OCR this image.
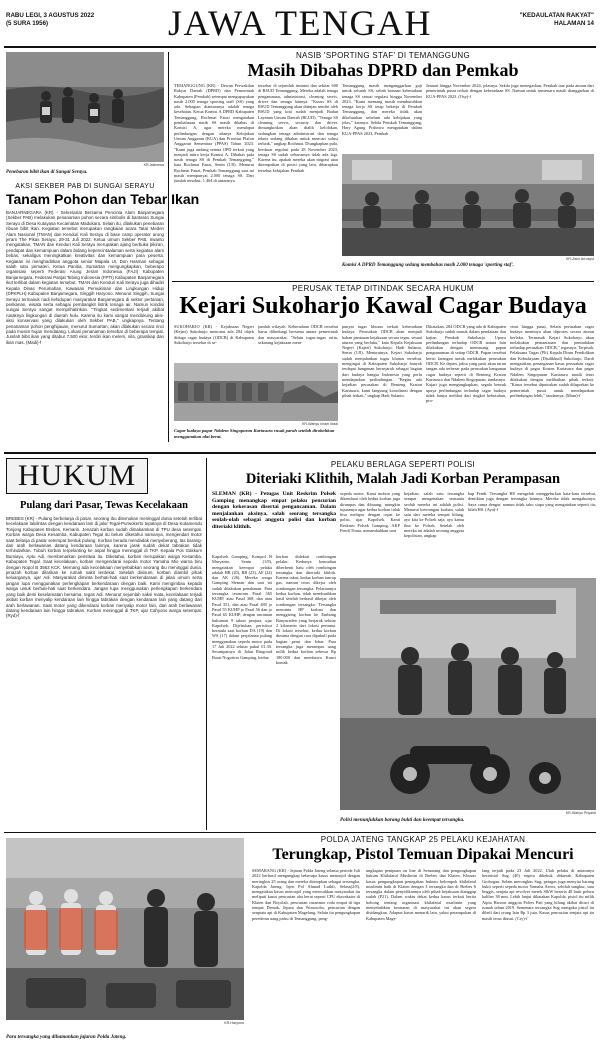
RABU LEGI, 3 AGUSTUS 2022
(5 SURA 1956)	JAWA TENGAH	"KEDAULATAN RAKYAT"
HALAMAN 14
KR-Istimewa
Penebaran bibit ikan di Sungai Serayu.
AKSI SEKBER PAB DI SUNGAI SERAYU
Tanam Pohon dan Tebar Ikan
BANJARNEGARA (KR) - Sekretariat Bersama Pencinta Alam Banjarnegara (Sekber PAB) melakukan penanaman pohon secara simbolis di bantaran Sungai Serayu di Desa Kutayasa Kecamatan Madukara. Selain itu, dilakukan penebaran ribuan bibit ikan. Kegiatan tersebut merupakan rangkaian acara Tatar Meden Alam Nasional (TMAN) dan Kenduri Kali Serayu di base camp operator arung jeram The Pikas Serayu, 29-31 Juli 2022. Ketua umum Sekber PAB, Irwanto mengatakan, TMAN dan Kenduri Kali Serayu merupakan ajang berbuka pikiran, pendapat dan kemampuan dalam bidang kepencintaalaman serta kegiatan alam bebas, sekaligus meningkatkan kreativitas dan kemampuan para peserta. Kegiatan ini menghadirkan anggota senior Mapala UI, Don Hasman sebagai salah satu pemateri. Ketua Panitia, Sumartan mengungkapkan, beberapo organisasi seperti Federasi Arung Jeram Indonesia (FAJI) Kabupaten Banjarnegara, Federasi Panjat Tebing Indonesia (FPTI) Kabupaten Banjarnegara ikut terlibat dalam kegiatan tersebut. TMAN dan Kenduri Kali Serayu juga dihadiri Kepala Dinas Perumahan, Kawasan Pemukiman dan Lingkungan Hidup (DPKPLH) Kabupaten Banjarnegara, Singgih Haryono. Menurut Singgih, Sungai Serayu termasuk nadi kehidupan masyarakat Banjarnegara di sektor pertanian, perikanan, wisata serta sebagai pembangkit listrik tenaga air. Namun kondisi sungai Serayu sangat memprihatinkan. "Tingkat sedimentasi terjadi akibat rusaknya lingkungan di daerah hulu. Karena itu kami sangat mendukung aksi-aksi konservasi yang dilakukan oleh Sekber PAB," ungkapnya. Tentang penanaman pohon penghijauan, menurut Sumartan, akan dilakukan secara rinci pada musim hujan mendatang. Lokasi penanaman tersebar di beberapa tempat. Jumlah bibit ikan yang ditabur 7.500 ekor, terdiri ikan melem, nila, grasskap dan ikan mas. (Madi)-f
NASIB 'SPORTING STAF' DI TEMANGGUNG
Masih Dibahas DPRD dan Pemkab
TEMANGGUNG (KR) - Dewan Perwakilan Rakyat Daerah (DPRD) dan Pemerintah Kabupaten (Pemkab) setempat mengupayakan nasib 2.000 tenaga sporting staff (SS) yang ada. Sebagian diantaranya adalah tenaga kesehatan. Ketua Komisi A DPRD Kabupaten Temanggung, Rochmat Fauzi mengatakan pembahasan nasib SS masih dibahas di Komisi A, agar mereka mendapat perlindungan dengan adanya Kebijakan Umum Anggaran (KUA) dan Prioritas Plafon Anggaran Sementara (PPAS) Tahun 2023. "Kami juga undang semua OPD terkait yang menjadi mitra kerja Komisi A. Dibahas pula nasib tenaga SS di Pemkab Temanggung," kata Rochmat Fauzi, Senin (1/8). Menurut Rochmat Fauzi, Pemkab Temanggung saat ini masih mempunyai 2.000 tenaga SS. Dari jumlah tersebut, 1.464 di antaranya
tersebar di sejumlah instansi dan sekitar 600 di RSUD Temanggung. Mereka adalah tenaga pengamanan, administrasi, cleaning servis, driver dan tenaga lainnya. "Kusus SS di RSUD Temanggung akan ditinjau sendiri oleh RSUD yang kini sudah menjadi Badan Layanan Umum Daerah (BLUD). "Tenaga SS cleaning servis, security dan driver, dimungkinkan akan dialih kelolakan, sedangkan tenaga administrasi dan tenaga teknis sedang dibahas untuk mencari solusi terbaik," ungkap Rochmat. Diungkapkan pula, berdasar regulasi pada 28 November 2023, tenaga SS sudah seharusnya tidak ada lagi. Karena itu, apakah mereka akan migrasi atau ditempatkan di posisi yang lain, diharapkan tersebut kebijakan Pemkab
Temanggung masih menganggarkan gaji untuk seluruh SS, sebab batasan keberadaan tenaga SS sesuai regulasi hingga November 2023. "Kami memang masih membutuhkan tenaga kerja SS tetap bekerja di Pemkab Temanggung, dan mereka tidak akan dikeluarkan sebelum ada kebijakan yang jelas," katanya. Sekda Pemkab Temanggung, Hary Agung Prabowo mengatakan dalam KUA-PPAS 2023, Pemkab
Januari hingga November 2024, jelasnya. Sekda juga menegaskan, Pemkab taat pada aturan dari pemerintah pusat terkait dengan keberadaan SS. Namun untuk semestara masih dianggarkan di KUA-PPAS 2023. (Osy)-f
KR-Zaini Arrosyid
Komisi A DPRD Temanggung sedang membahas nasib 2.000 tenaga 'sporting staf'.
PERUSAK TETAP DITINDAK SECARA HUKUM
Kejari Sukoharjo Kawal Cagar Budaya
SUKOHARJO (KR) - Kejaksaan Negeri (Kejari) Sukoharjo mencatat ada 284 objek diduga cagar budaya (ODCB) di Kabupaten Sukoharjo tersebar di se-
KR-Wahyu Imam Ibadi
Cagar budaya pagar Ndalem Singopuran Kartasura rusak parah setelah dirobohkan menggunakan alat berat.
jumlah wilayah. Keberadaan ODCB tersebut harus dilindungi bersama antara pemerintah dan masyarakat. "Selain tugas-tugas rutin, sekarang kejaksaan mem-
punyai tugas khusus terkait keberadaan budaya. Perusakan ODCB akan menjadi bahan pantauan kejaksaan secara tegas, sesuai aturan yang berlaku," kata Kepala Kejaksaan Negeri (Kajari) Sukoharjo, Hadi Sulanto, Senin (1/8). Menurutnya, Kejari Sukoharjo sudah menjalankan tugas khusus tersebut, mengingat di Kabupaten Sukoharjo banyak terdapat bangunan bersejarah sebagai bagian dari budaya bangsa Indonesia yang perlu mendapatkan perlindungan. "Begitu ada kejadian perusakan di Benteng Kraton Kartasura, kami langsung koordinasi dengan pihak terkait," ungkap Hadi Sulanto.
Dikatakan, 284 ODCB yang ada di Kabupaten Sukoharjo sudah masuk dalam pendataan dan kajian Pemkab Sukoharjo. Upaya perlindungan terhadap ODCB antara lain dilakukan dengan memasang papan pengumuman di setiap ODCB. Papan tersebut berisi larangan untuk melakukan perusakan ODCB. Ke depan, jaksa yang pasti akan turun tangan ada terbesar pada perusakan bangunan cagar budaya seperti di Benteng Kraton Kartasura dan Ndalem Singopuran, tandasnya. Kajari juga mengungkapkan, segala bentuk upaya perlindungan terhadap cagar budaya tidak hanya melihat dari tingkat kebutuhan, pro-
vinsi hingga pusat. Selain perusakan cagar budaya mentinya akan diproses secara aturan berlaku. Termasuk Kejari Sukoharjo akan melakukan pemantauan dan penindakan terhadap perusakan ODCB," tegasnya. Terpisah, Pelaksana Tugas (Plt) Kepala Dinas Pendidikan dan Kebudayaan (Disdikbud) Sukoharjo, Dardi mengatakan, penanganan kasus perusakan cagar budaya di pagar Kraton Kartasura dan pagar Ndalem Singopuran Kartasura masih terus dilakukan dengan melibatkan pihak terkait. "Kasus tersebut diputuskan sudah dilaporkan ke pemerintah pusat untuk mendapatkan perlindungan lebih," tandasnya. (Mam)-f
HUKUM
Pulang dari Pasar, Tewas Kecelakaan
BREBES (KR) - Pulang berbelanja di pasar, seorang ibu ditemukan meninggal dunia setelah terlibat kecelakaan lalulintas dengan kendaraan lain di jalur Tegal-Purwokerto tepatnya di Desa Kutamendu Tonjong Kabupaten Brebes, Kemarin. Jenazah korban sudah dimakamkan di TPU desa setempat. Korban warga Desa Kesamba, Kabupaten Tegal itu belum diketahui namanya, mengendari motor saat belanja di pasar setempat bentuk pulang. Korban berada mendadak menyeberang, tas barang-dari arah berlawanan datang kendaraan lainnya, karena jarak sudah dekat tabrakan tidak terhindarkan. Tubuh korban terpelanting ke aspal hingga meninggal di TKP. Kepala Pos Gakkum Bumiayu, Aptu Adi, membenarkan peristiwa itu. Diketahui, korban merupakan warga Kesamba, Kabupaten Tegal. Saat kecelakaan, korban mengendarai sepeda motor Yamaha Mio warna biru dengan Nopol B 3563 KCK. Memang ada kecelakaan menyebabkan seorang ibu meninggal dunia, jenazah korban dilarikan ke rumah sakit terdekat. Setelah divisum, korban diambil pihak keluarganya, ujar Adi. Masyarakat diminta berhati-hati saat berkendaraan di jalan umum serta jangan lupa menggunakan perlengkapan berkendaraan dengan baik. Kami mengimbau kepada warga untuk berhati-hati saat berkendara. Jangan lupa menggunakan perlengkapan berkendara yang baik demi keselamatan bersama, tegas Adi. Menurut sejumlah saksi mata, kecelakaan terjadi akibat korban menyalip kendaraan lain hingga tabrakan dengan kendaraan lain yang datang dari arah berlawanan. Saat motor yang dikendarai korban menyalip motor lain, dari arah berlawanan datang kendaraan lain hingga tabrakan. Korban meninggal di TKP, ujar Cahyono warga setempat. (Ryd)-f
PELAKU BERLAGA SEPERTI POLISI
Diteriaki Klithih, Malah Jadi Korban Perampasan
SLEMAN (KR) - Petugas Unit Reskrim Polsek Gamping menangkap empat pelaku pencurian dengan kekerasan disertai pengancaman. Dalam menjalankan aksinya, salah seorang tersangka seolah-olah sebagai anggota polisi dan korban diteriaki klithih.
Kapolsek Gamping, Kompol B Muryanto, Senin (1/8), mengatakan keempat pelaku adalah HB (20), RB (23), AF (24) dan AK (26). Mereka warga Gamping Sleman dan saat ini sudah dilakukan penahanan. Para tersangka terancam Pasal 365 KUHP, atau Pasal 368, dan atau Pasal 351, dan atau Pasal 480 jo Pasal 55 KUHP jo Pasal 56 dan jo Pasal 65 KUHP, dengan ancaman hukuman 9 tahun penjara, ujar Kapolsek. Dijelaskan, peristiwa bermula saat korban DA (19) dan WS (17) dalam perjalanan pulang menggunakan sepeda motor pada 17 Juli 2022 sekitar pukul 01.30. Sesampainya di Jalan Ringroad Barat Nogotirto Gamping, kedua
korban didekati rombongan pelaku. Kedunya kemudian diberhenti hatu oleh rombongan tersangka dan diteriaki klithih. Karena takut, kedua korban tancap gas, namun terus dikejar oleh rombongan tersangka. Pelariannya kedua korban, tidak membuahkan hasil setelah berhasil dikejar oleh rombongan tersangka. Tersangka meminta HP korban dan menggiring korban ke Embung Banyuraden yang berjarak sekitar 2 kilometer dari lokasi pertama. Di lokasi tersebut, kedua korban diminta dengan cara dipukuli pada bagian perut dan lehar. Para tersangka juga merampas uang milik kedua korban sebesar Rp 180.000 dan membawa Kunci kontak
sepeda motor. Kami mohon yang dikendarai oleh kedua korban juga dirampas dan dibuang, mungkin tujuannya agar kedua korban tidak bisa melapor dengan cepat ke polisi, ujar Kapolsek. Kanit Reskrim Polsek Gamping, AKP Fendi Timar, menambahkan saat
kejadian, salah satu tersangka sempat mengenakan seusuatu seolah mereka ini adalah polisi. Menurut keterangan korban, salah satu dari mereka sempat bilang, ayo kita ke Polsek saja, ayo kamu ikut ke Polsek. Setelah oleh mereka ini adalah seorang anggota kepolisian, ungkap
kap Fendi. Tersangka HS mengelak menggelurkan kata-kata tersebut, demikian juga dengan tersangka lainnya. Mereka tidak mengakuinya. Saya cuma dengar, namun tidak tahu siapa yang mengatakan seperti itu, kilah HS. (Ayu)-f
KR-Wahyu Priyanti
Polisi menunjukkan barang bukti dan keempat tersangka.
KR-Haryono
Para tersangka yang dihamankan jajaran Polda Jateng.
POLDA JATENG TANGKAP 25 PELAKU KEJAHATAN
Terungkap, Pistol Temuan Dipakai Mencuri
SEMARANG (KR) - Jajaran Polda Jateng selama periode Juli 2022 berhasil mengungkap beberapa kasus menonjol dengan meringkus 25 orang dan mereka ditetapkan sebagai tersangka. Kapolda Jateng, Irjen Pol Ahmad Luthfi, Selasa(2/8), mengatakan kasus menonjol yang merosahkan masyarakat itu meliputi kasus pencurian alat berat seperti CPU ekavakator di Klaten dan Boyolali, pencurian curanmor roda empat di tiga tempat Demak, Jepara dan Wonosobo, pencurian dengan senpiata api di Kabupaten Magelang. Selain itu pengungkapan perederan uang palsu di Temanggung, peng-
ungkapan penipuan on line di Semarang dan pengungkapan hukum Khilafatul Muslimin di Brebes dan Klaten. Khusus kasus pengungkapan penegakan hukum kelompok khilafatul muslimin baik di Klaten dengan 3 tersangka dan di Brebes 6 tersangka dalam penyidikannya oleh pihak kejaksaan dianggap sudah (P21). Dalam waktu dekat kedua kasus terkait berita bohong tentang organisasi khilafatul muslimin yang menyebabkan keonaran di masyarakat ini akan segera disidangkan. Adapun kasus menarik lain, yakni perampokan di Kabupaten Mage-
lang terjadi pada 23 Juli 2022. Ulah pelaku di antaranya berinisial Sug (40) segera dibekuk didaerah Kabupaten Grobogan. Selain merongkus Sug, petugas juga menyita barang bukti seperti sepeda motor Yamaha Aerox, sebilah sangkur, satu linggis, senjata api revolver merek S&W beserta 48 butir peluru kaliber 38 mm. Lebih lanjut dikatakan Kapolda, pistol itu milik Aiptu Haroon anggota Polres Pati yang hilang akibat dicuri di rumah tahun 2019. Semenara tersangka Sug mengaku pistol itu dibeli dari orang lain Rp 3 juta. Kasus pencurian senjata api itu masih terus diusut. (Cry)-f
